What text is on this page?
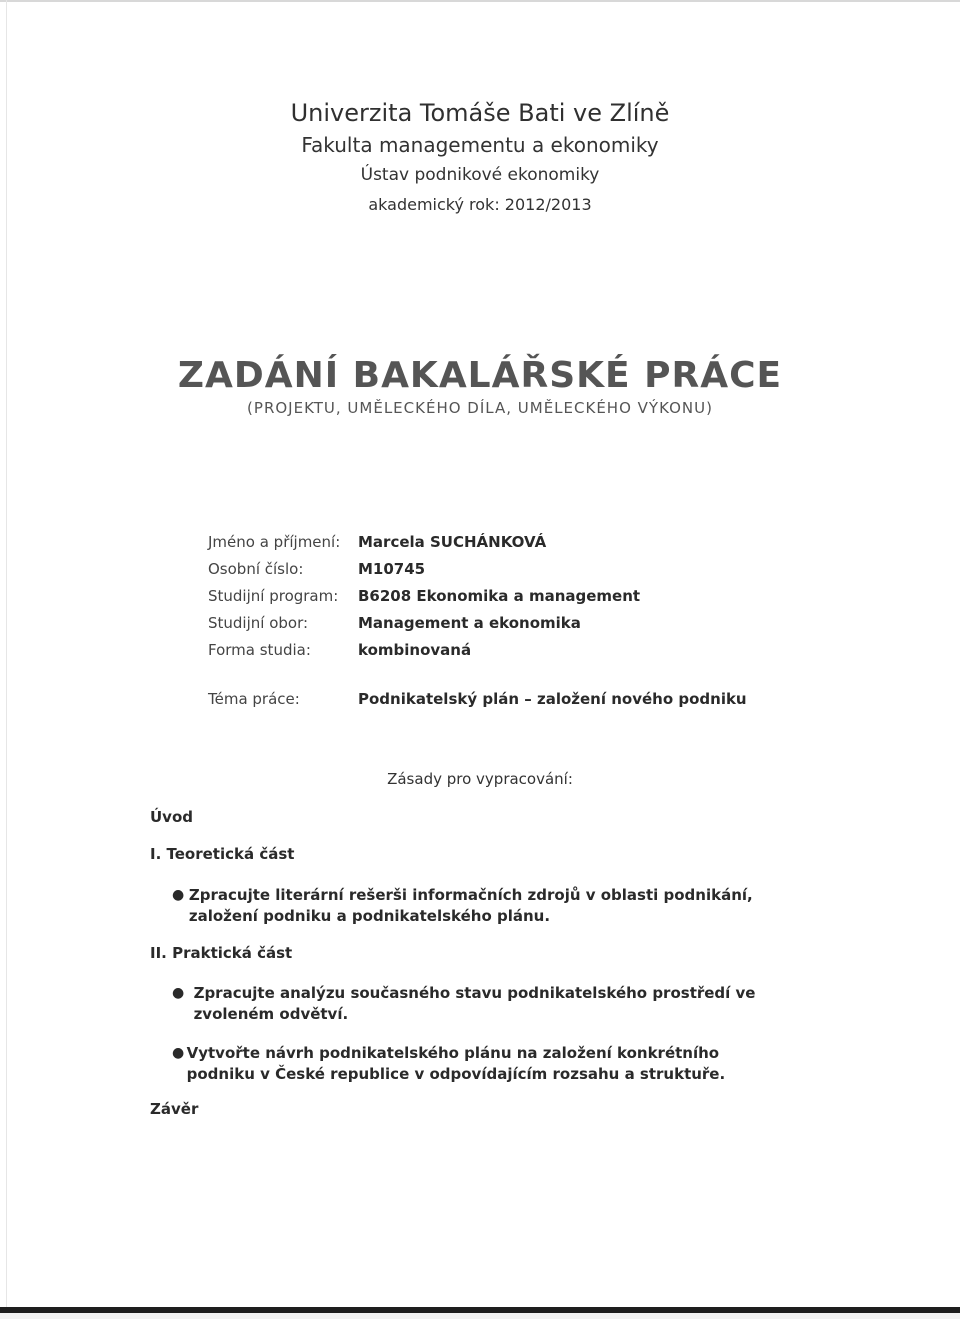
Univerzita Tomáše Bati ve Zlíně
Fakulta managementu a ekonomiky
Ústav podnikové ekonomiky
akademický rok: 2012/2013
ZADÁNÍ BAKALÁŘSKÉ PRÁCE
(PROJEKTU, UMĚLECKÉHO DÍLA, UMĚLECKÉHO VÝKONU)
Jméno a příjmení:	Marcela SUCHÁNKOVÁ
Osobní číslo:	M10745
Studijní program:	B6208 Ekonomika a management
Studijní obor:	Management a ekonomika
Forma studia:	kombinovaná
Téma práce:	Podnikatelský plán – založení nového podniku
Zásady pro vypracování:
Úvod
I. Teoretická část
● Zpracujte literární rešerši informačních zdrojů v oblasti podnikání, založení podniku a podnikatelského plánu.
II. Praktická část
● Zpracujte analýzu současného stavu podnikatelského prostředí ve zvoleném odvětví.
● Vytvořte návrh podnikatelského plánu na založení konkrétního podniku v České republice v odpovídajícím rozsahu a struktuře.
Závěr
